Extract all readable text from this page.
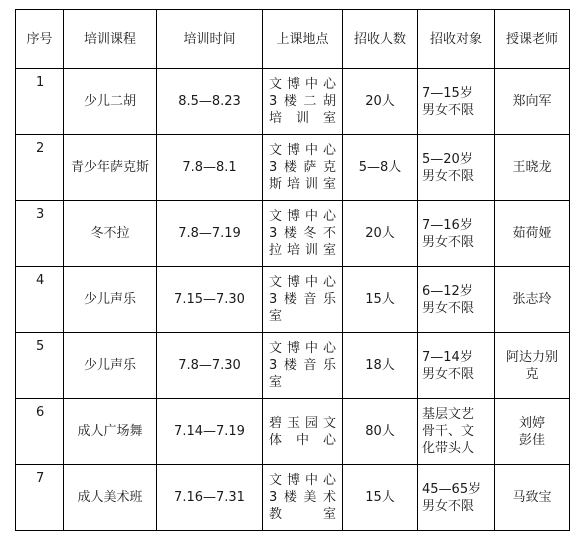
序号	培训课程	培训时间	上课地点	招收人数	招收对象	授课老师
1	少儿二胡	8.5—8.23	文博中心
3楼二胡
培训室	20人	7—15岁
男女不限	郑向军

2	青少年萨克斯	7.8—8.1	文博中心
3楼萨克
斯培训室	5—8人	5—20岁
男女不限	王晓龙

3	冬不拉	7.8—7.19	文博中心
3楼冬不
拉培训室	20人	7—16岁
男女不限	茹荷娅

4	少儿声乐	7.15—7.30	文博中心
3楼音乐
室	15人	6—12岁
男女不限	张志玲

5	少儿声乐	7.8—7.30	文博中心
3楼音乐
室	18人	7—14岁
男女不限	阿达力别克

6	成人广场舞	7.14—7.19	碧玉园文
体中心	80人	基层文艺
骨干、文
化带头人	刘婷
彭佳

7	成人美术班	7.16—7.31	文博中心
3楼美术
教室	15人	45—65岁
男女不限	马致宝
